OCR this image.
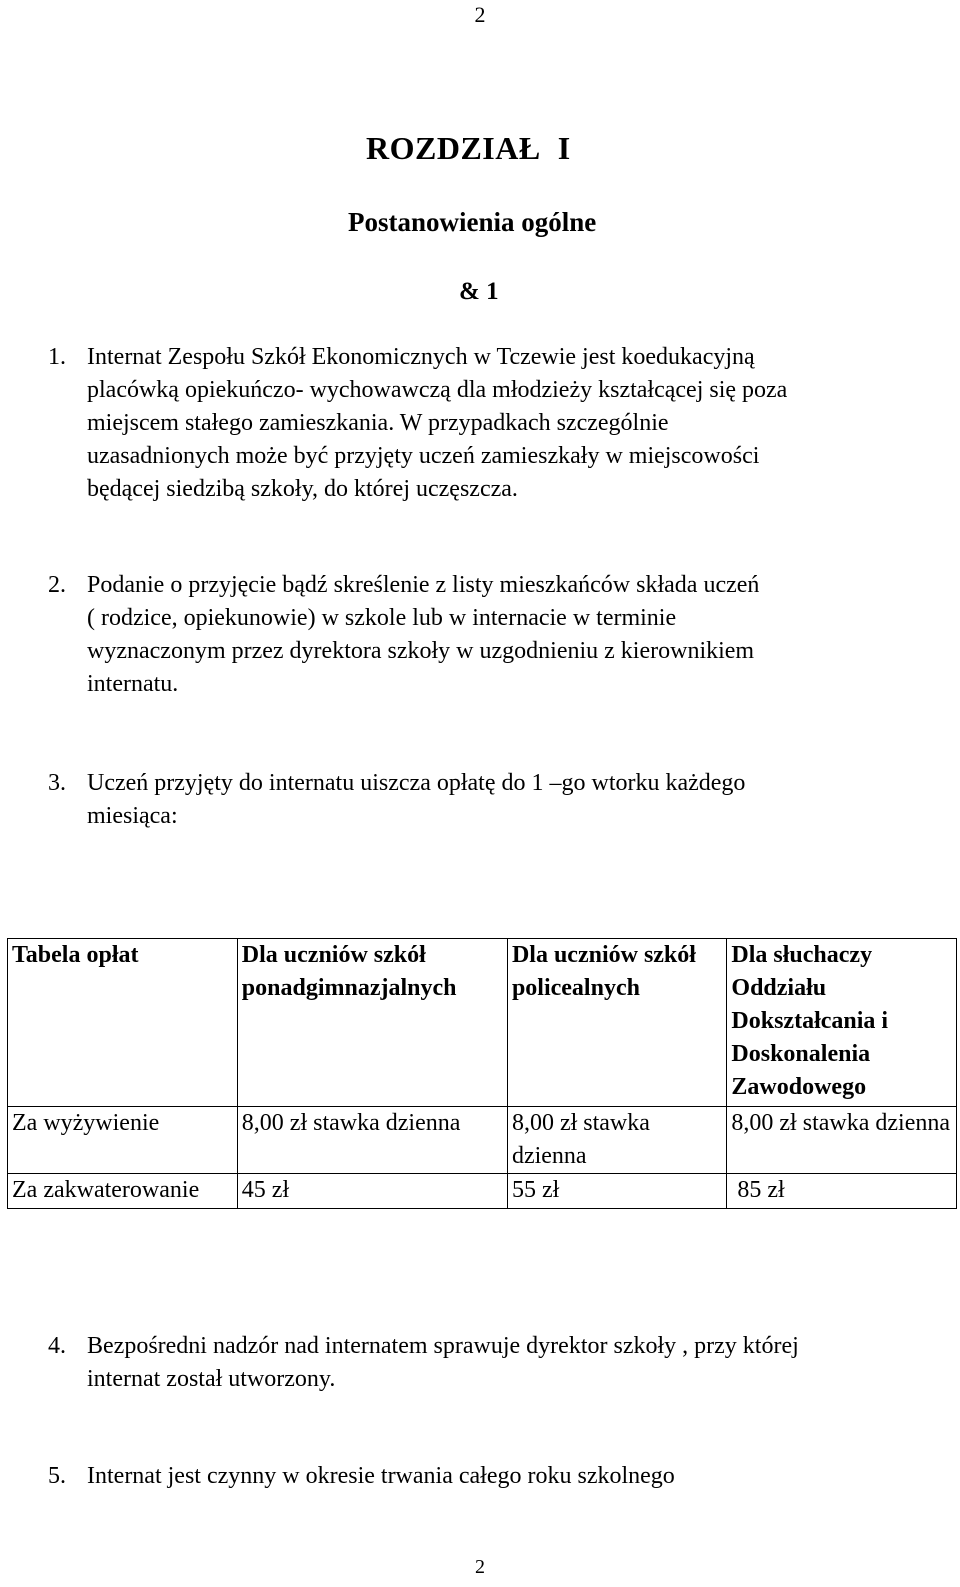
2
ROZDZIAŁ  I
Postanowienia ogólne
& 1
1. Internat Zespołu Szkół Ekonomicznych w Tczewie jest koedukacyjną
placówką opiekuńczo- wychowawczą dla młodzieży kształcącej się poza
miejscem stałego zamieszkania. W przypadkach szczególnie
uzasadnionych może być przyjęty uczeń zamieszkały w miejscowości
będącej siedzibą szkoły, do której uczęszcza.
2. Podanie o przyjęcie bądź skreślenie z listy mieszkańców składa uczeń
( rodzice, opiekunowie) w szkole lub w internacie w terminie
wyznaczonym przez dyrektora szkoły w uzgodnieniu z kierownikiem
internatu.
3. Uczeń przyjęty do internatu uiszcza opłatę do 1 –go wtorku każdego
miesiąca:
Tabela opłat	Dla uczniów szkół ponadgimnazjalnych	Dla uczniów szkół policealnych	Dla słuchaczy Oddziału Dokształcania i Doskonalenia Zawodowego
Za wyżywienie	8,00 zł stawka dzienna	8,00 zł stawka dzienna	8,00 zł stawka dzienna
Za zakwaterowanie	45 zł	55 zł	85 zł
4. Bezpośredni nadzór nad internatem sprawuje dyrektor szkoły , przy której
internat został utworzony.
5. Internat jest czynny w okresie trwania całego roku szkolnego
2
